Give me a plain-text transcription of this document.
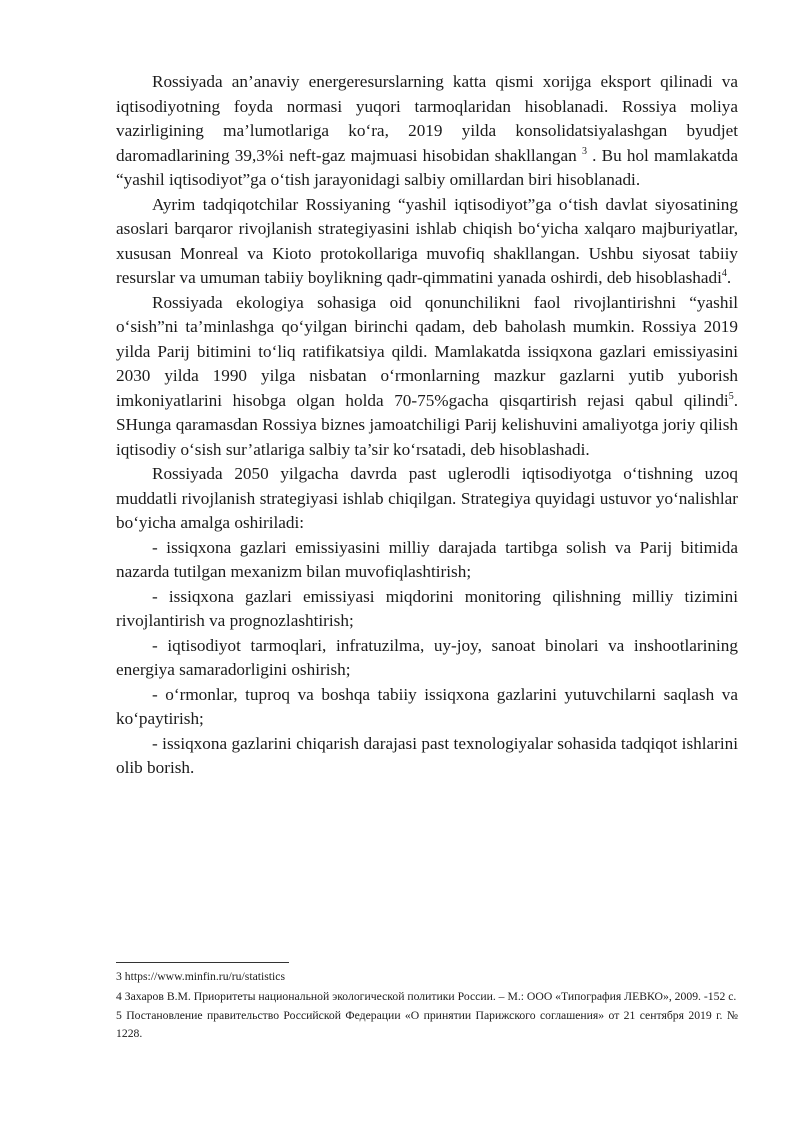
Rossiyada an’anaviy energeresurslarning katta qismi xorijga eksport qilinadi va iqtisodiyotning foyda normasi yuqori tarmoqlaridan hisoblanadi. Rossiya moliya vazirligining ma’lumotlariga ko‘ra, 2019 yilda konsolidatsiyalashgan byudjet daromadlarining 39,3%i neft-gaz majmuasi hisobidan shakllangan $^3$ . Bu hol mamlakatda “yashil iqtisodiyot”ga o‘tish jarayonidagi salbiy omillardan biri hisoblanadi.

Ayrim tadqiqotchilar Rossiyaning “yashil iqtisodiyot”ga o‘tish davlat siyosatining asoslari barqaror rivojlanish strategiyasini ishlab chiqish bo‘yicha xalqaro majburiyatlar, xususan Monreal va Kioto protokollariga muvofiq shakllangan. Ushbu siyosat tabiiy resurslar va umuman tabiiy boylikning qadr-qimmatini yanada oshirdi, deb hisoblashadi$^4$.

Rossiyada ekologiya sohasiga oid qonunchilikni faol rivojlantirishni “yashil o‘sish”ni ta’minlashga qo‘yilgan birinchi qadam, deb baholash mumkin. Rossiya 2019 yilda Parij bitimini to‘liq ratifikatsiya qildi. Mamlakatda issiqxona gazlari emissiyasini 2030 yilda 1990 yilga nisbatan o‘rmonlarning mazkur gazlarni yutib yuborish imkoniyatlarini hisobga olgan holda 70-75%gacha qisqartirish rejasi qabul qilindi$^5$. SHunga qaramasdan Rossiya biznes jamoatchiligi Parij kelishuvini amaliyotga joriy qilish iqtisodiy o‘sish sur’atlariga salbiy ta’sir ko‘rsatadi, deb hisoblashadi.

Rossiyada 2050 yilgacha davrda past uglerodli iqtisodiyotga o‘tishning uzoq muddatli rivojlanish strategiyasi ishlab chiqilgan. Strategiya quyidagi ustuvor yo‘nalishlar bo‘yicha amalga oshiriladi:

- issiqxona gazlari emissiyasini milliy darajada tartibga solish va Parij bitimida nazarda tutilgan mexanizm bilan muvofiqlashtirish;

- issiqxona gazlari emissiyasi miqdorini monitoring qilishning milliy tizimini rivojlantirish va prognozlashtirish;

- iqtisodiyot tarmoqlari, infratuzilma, uy-joy, sanoat binolari va inshootlarining energiya samaradorligini oshirish;

- o‘rmonlar, tuproq va boshqa tabiiy issiqxona gazlarini yutuvchilarni saqlash va ko‘paytirish;

- issiqxona gazlarini chiqarish darajasi past texnologiyalar sohasida tadqiqot ishlarini olib borish.

3 https://www.minfin.ru/ru/statistics

4 Захаров В.М. Приоритеты национальной экологической политики России. – М.: ООО «Типография ЛЕВКО», 2009. -152 с.

5 Постановление правительство Российской Федерации «О принятии Парижского соглашения» от 21 сентября 2019 г. № 1228.
